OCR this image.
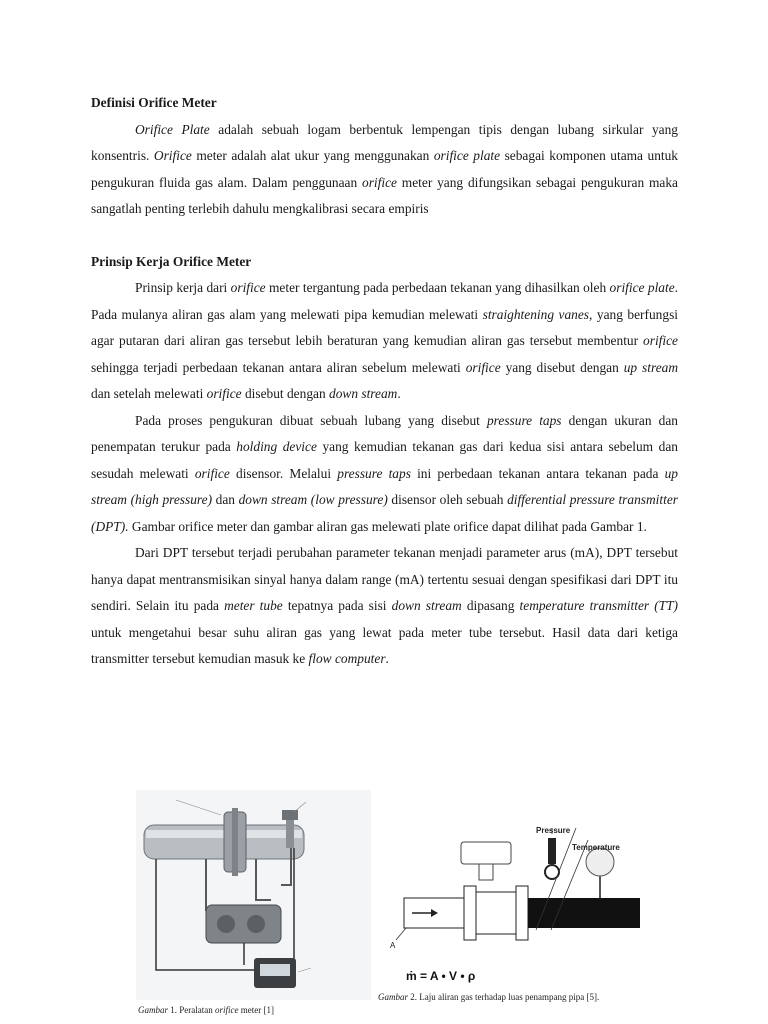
Definisi Orifice Meter

Orifice Plate adalah sebuah logam berbentuk lempengan tipis dengan lubang sirkular yang konsentris. Orifice meter adalah alat ukur yang menggunakan orifice plate sebagai komponen utama untuk pengukuran fluida gas alam. Dalam penggunaan orifice meter yang difungsikan sebagai pengukuran maka sangatlah penting terlebih dahulu mengkalibrasi secara empiris

Prinsip Kerja Orifice Meter

Prinsip kerja dari orifice meter tergantung pada perbedaan tekanan yang dihasilkan oleh orifice plate. Pada mulanya aliran gas alam yang melewati pipa kemudian melewati straightening vanes, yang berfungsi agar putaran dari aliran gas tersebut lebih beraturan yang kemudian aliran gas tersebut membentur orifice sehingga terjadi perbedaan tekanan antara aliran sebelum melewati orifice yang disebut dengan up stream dan setelah melewati orifice disebut dengan down stream.

Pada proses pengukuran dibuat sebuah lubang yang disebut pressure taps dengan ukuran dan penempatan terukur pada holding device yang kemudian tekanan gas dari kedua sisi antara sebelum dan sesudah melewati orifice disensor. Melalui pressure taps ini perbedaan tekanan antara tekanan pada up stream (high pressure) dan down stream (low pressure) disensor oleh sebuah differential pressure transmitter (DPT). Gambar orifice meter dan gambar aliran gas melewati plate orifice dapat dilihat pada Gambar 1.

Dari DPT tersebut terjadi perubahan parameter tekanan menjadi parameter arus (mA), DPT tersebut hanya dapat mentransmisikan sinyal hanya dalam range (mA) tertentu sesuai dengan spesifikasi dari DPT itu sendiri. Selain itu pada meter tube tepatnya pada sisi down stream dipasang temperature transmitter (TT) untuk mengetahui besar suhu aliran gas yang lewat pada meter tube tersebut. Hasil data dari ketiga transmitter tersebut kemudian masuk ke flow computer.

Gambar 1. Peralatan orifice meter [1]
Pressure
Temperature
A
ṁ = A • V • ρ
Gambar 2. Laju aliran gas terhadap luas penampang pipa [5].
